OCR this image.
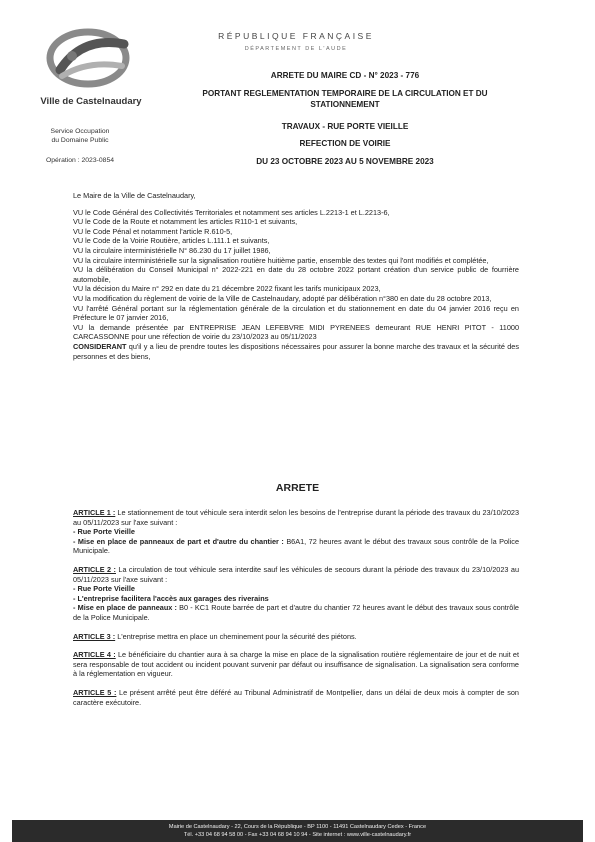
Ville de Castelnaudary
Service Occupation
du Domaine Public
Opération : 2023-0854
RÉPUBLIQUE FRANÇAISE
DÉPARTEMENT DE L'AUDE
ARRETE DU MAIRE CD - N° 2023 - 776
PORTANT REGLEMENTATION TEMPORAIRE DE LA CIRCULATION ET DU
STATIONNEMENT
TRAVAUX - RUE PORTE VIEILLE
REFECTION DE VOIRIE
DU 23 OCTOBRE 2023 AU 5 NOVEMBRE 2023

Le Maire de la Ville de Castelnaudary,

VU le Code Général des Collectivités Territoriales et notamment ses articles L.2213-1 et L.2213-6,

VU le Code de la Route et notamment les articles R110-1 et suivants,

VU le Code Pénal et notamment l'article R.610-5,

VU le Code de la Voirie Routière, articles L.111.1 et suivants,

VU la circulaire interministérielle N° 86.230 du 17 juillet 1986,

VU la circulaire interministérielle sur la signalisation routière huitième partie, ensemble des textes qui l'ont modifiés et complétée,

VU la délibération du Conseil Municipal n° 2022-221 en date du 28 octobre 2022 portant création d'un service public de fourrière automobile,

VU la décision du Maire n° 292 en date du 21 décembre 2022 fixant les tarifs municipaux 2023,

VU la modification du règlement de voirie de la Ville de Castelnaudary, adopté par délibération n°380 en date du 28 octobre 2013,

VU l'arrêté Général portant sur la réglementation générale de la circulation et du stationnement en date du 04 janvier 2016 reçu en Préfecture le 07 janvier 2016,

VU la demande présentée par ENTREPRISE JEAN LEFEBVRE MIDI PYRENEES demeurant RUE HENRI PITOT - 11000 CARCASSONNE pour une réfection de voirie du 23/10/2023 au 05/11/2023

CONSIDERANT qu'il y a lieu de prendre toutes les dispositions nécessaires pour assurer la bonne marche des travaux et la sécurité des personnes et des biens,

ARRETE

ARTICLE 1 : Le stationnement de tout véhicule sera interdit selon les besoins de l'entreprise durant la période des travaux du 23/10/2023 au 05/11/2023 sur l'axe suivant :

- Rue Porte Vieille

- Mise en place de panneaux de part et d'autre du chantier : B6A1, 72 heures avant le début des travaux sous contrôle de la Police Municipale.

ARTICLE 2 : La circulation de tout véhicule sera interdite sauf les véhicules de secours durant la période des travaux du 23/10/2023 au 05/11/2023 sur l'axe suivant :

- Rue Porte Vieille

- L'entreprise facilitera l'accès aux garages des riverains

- Mise en place de panneaux : B0 - KC1 Route barrée de part et d'autre du chantier 72 heures avant le début des travaux sous contrôle de la Police Municipale.

ARTICLE 3 : L'entreprise mettra en place un cheminement pour la sécurité des piétons.

ARTICLE 4 : Le bénéficiaire du chantier aura à sa charge la mise en place de la signalisation routière réglementaire de jour et de nuit et sera responsable de tout accident ou incident pouvant survenir par défaut ou insuffisance de signalisation. La signalisation sera conforme à la réglementation en vigueur.

ARTICLE 5 : Le présent arrêté peut être déféré au Tribunal Administratif de Montpellier, dans un délai de deux mois à compter de son caractère exécutoire.

Mairie de Castelnaudary - 22, Cours de la République - BP 1100 - 11491 Castelnaudary Cedex - France
Tél. +33 04 68 94 58 00 - Fax +33 04 68 94 10 94 - Site internet : www.ville-castelnaudary.fr
